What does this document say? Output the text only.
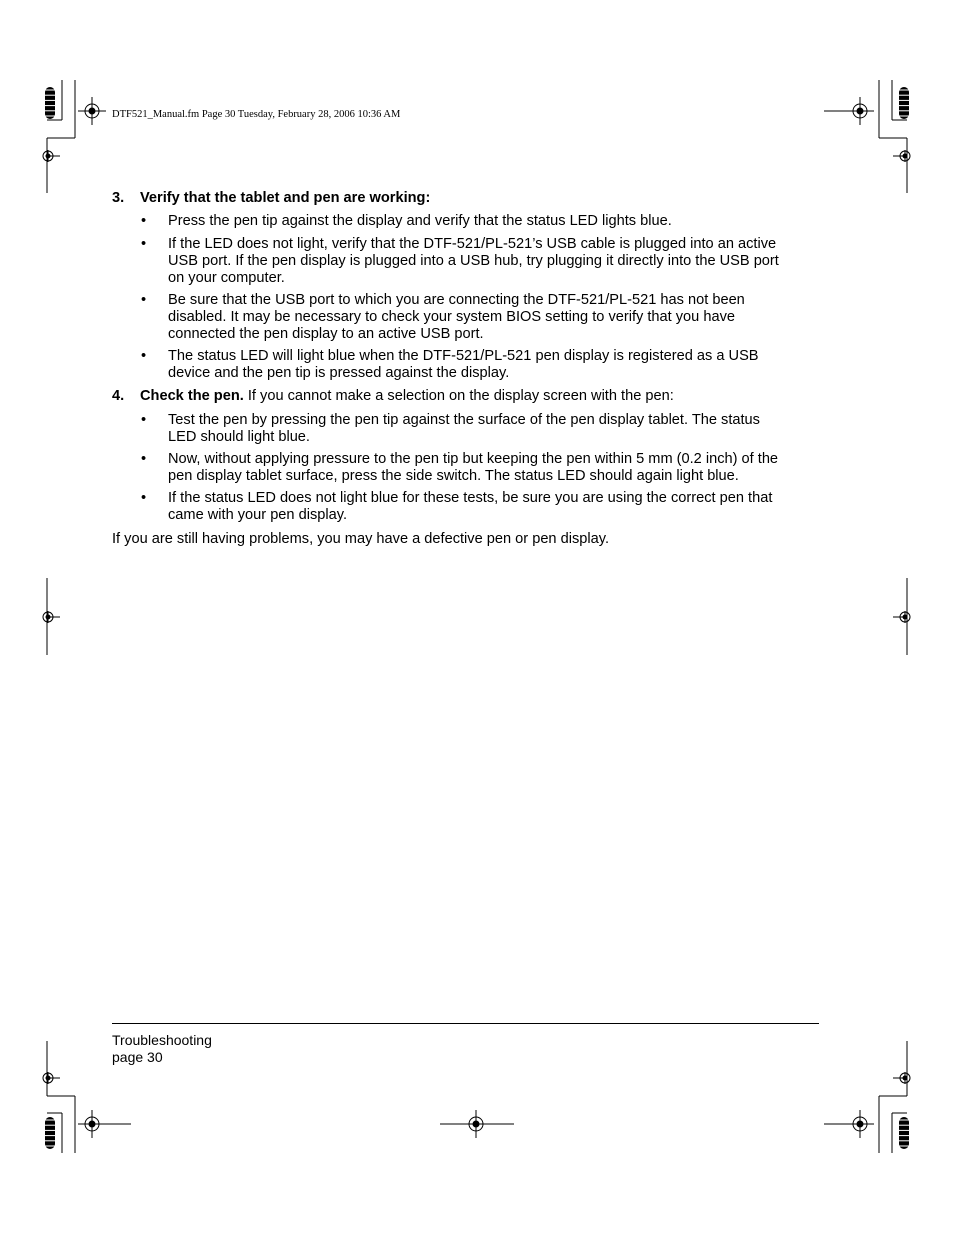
DTF521_Manual.fm Page 30 Tuesday, February 28, 2006 10:36 AM
3. Verify that the tablet and pen are working:
• Press the pen tip against the display and verify that the status LED lights blue.
• If the LED does not light, verify that the DTF-521/PL-521’s USB cable is plugged into an active
USB port. If the pen display is plugged into a USB hub, try plugging it directly into the USB port
on your computer.
• Be sure that the USB port to which you are connecting the DTF-521/PL-521 has not been
disabled. It may be necessary to check your system BIOS setting to verify that you have
connected the pen display to an active USB port.
• The status LED will light blue when the DTF-521/PL-521 pen display is registered as a USB
device and the pen tip is pressed against the display.
4. Check the pen. If you cannot make a selection on the display screen with the pen:
• Test the pen by pressing the pen tip against the surface of the pen display tablet. The status
LED should light blue.
• Now, without applying pressure to the pen tip but keeping the pen within 5 mm (0.2 inch) of the
pen display tablet surface, press the side switch. The status LED should again light blue.
• If the status LED does not light blue for these tests, be sure you are using the correct pen that
came with your pen display.
If you are still having problems, you may have a defective pen or pen display.
Troubleshooting
page 30
